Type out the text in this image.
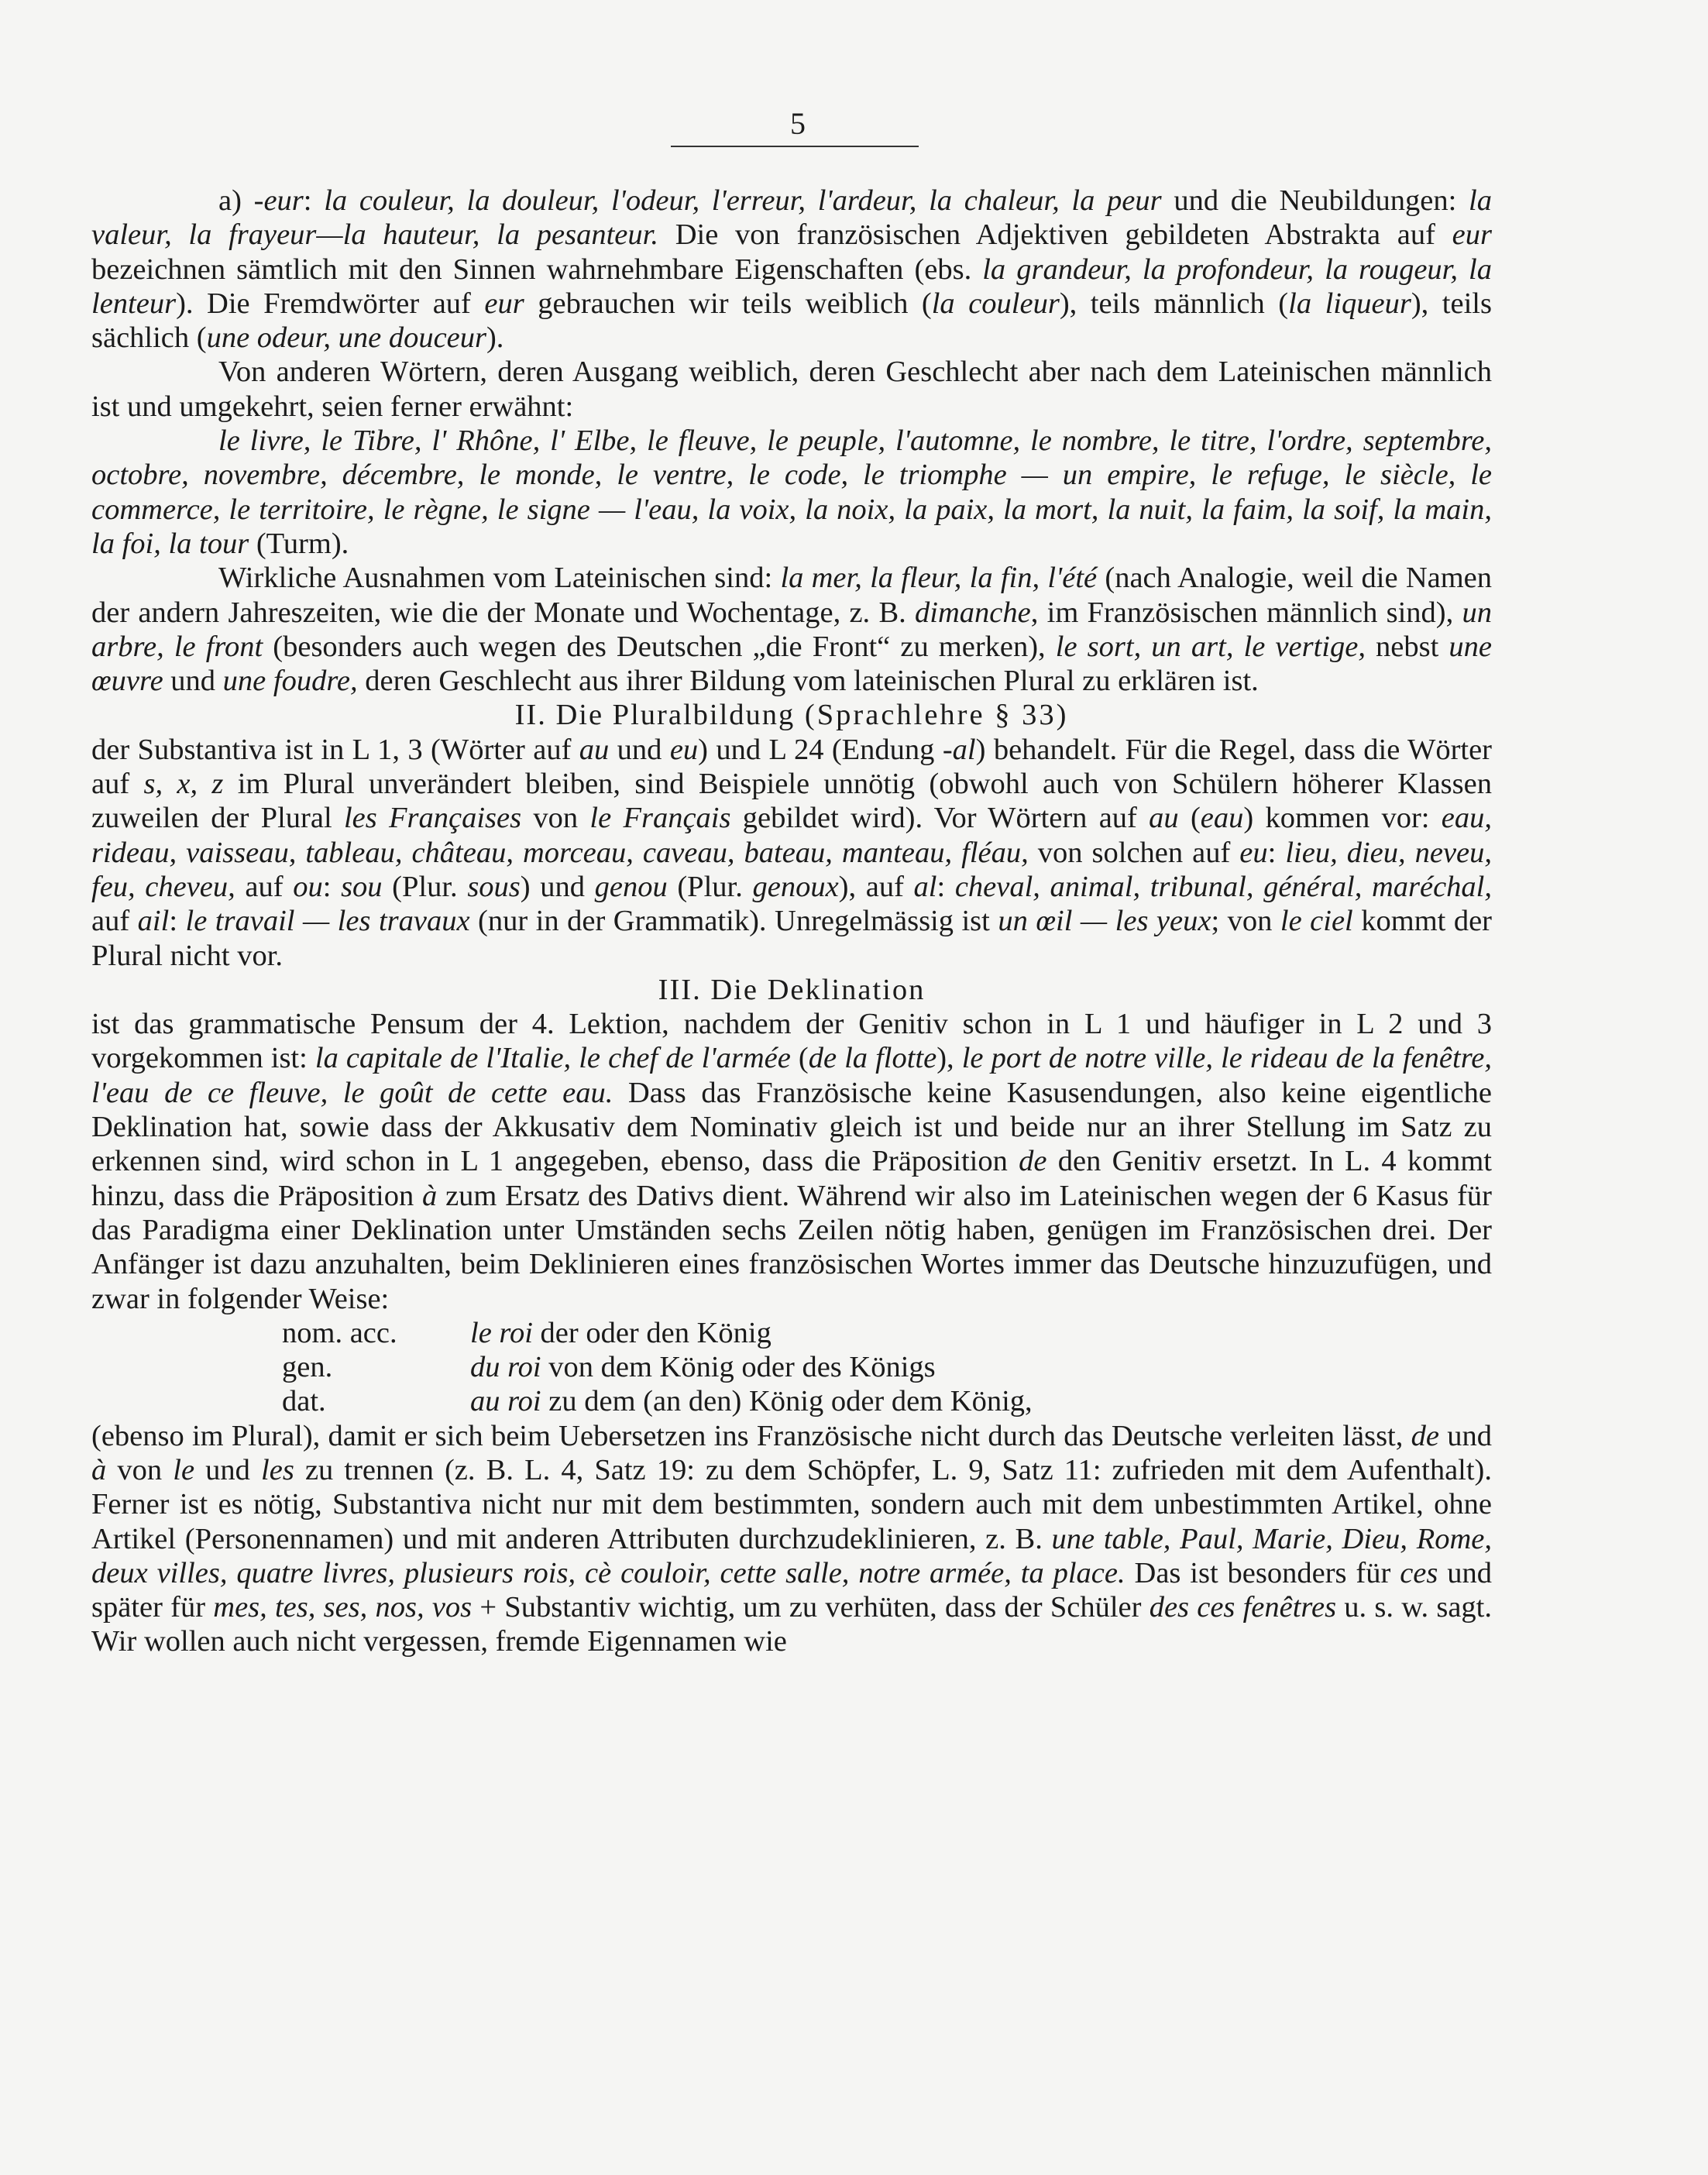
5

a) -eur: la couleur, la douleur, l'odeur, l'erreur, l'ardeur, la chaleur, la peur und die Neubildungen: la valeur, la frayeur—la hauteur, la pesanteur. Die von französischen Adjektiven gebildeten Abstrakta auf eur bezeichnen sämtlich mit den Sinnen wahrnehmbare Eigenschaften (ebs. la grandeur, la profondeur, la rougeur, la lenteur). Die Fremdwörter auf eur gebrauchen wir teils weiblich (la couleur), teils männlich (la liqueur), teils sächlich (une odeur, une douceur).

Von anderen Wörtern, deren Ausgang weiblich, deren Geschlecht aber nach dem Lateinischen männlich ist und umgekehrt, seien ferner erwähnt:

le livre, le Tibre, l' Rhône, l' Elbe, le fleuve, le peuple, l'automne, le nombre, le titre, l'ordre, septembre, octobre, novembre, décembre, le monde, le ventre, le code, le triomphe — un empire, le refuge, le siècle, le commerce, le territoire, le règne, le signe — l'eau, la voix, la noix, la paix, la mort, la nuit, la faim, la soif, la main, la foi, la tour (Turm).

Wirkliche Ausnahmen vom Lateinischen sind: la mer, la fleur, la fin, l'été (nach Analogie, weil die Namen der andern Jahreszeiten, wie die der Monate und Wochentage, z. B. dimanche, im Französischen männlich sind), un arbre, le front (besonders auch wegen des Deutschen „die Front“ zu merken), le sort, un art, le vertige, nebst une œuvre und une foudre, deren Geschlecht aus ihrer Bildung vom lateinischen Plural zu erklären ist.

II. Die Pluralbildung (Sprachlehre § 33)

der Substantiva ist in L 1, 3 (Wörter auf au und eu) und L 24 (Endung -al) behandelt. Für die Regel, dass die Wörter auf s, x, z im Plural unverändert bleiben, sind Beispiele unnötig (obwohl auch von Schülern höherer Klassen zuweilen der Plural les Françaises von le Français gebildet wird). Vor Wörtern auf au (eau) kommen vor: eau, rideau, vaisseau, tableau, château, morceau, caveau, bateau, manteau, fléau, von solchen auf eu: lieu, dieu, neveu, feu, cheveu, auf ou: sou (Plur. sous) und genou (Plur. genoux), auf al: cheval, animal, tribunal, général, maréchal, auf ail: le travail — les travaux (nur in der Grammatik). Unregelmässig ist un œil — les yeux; von le ciel kommt der Plural nicht vor.

III. Die Deklination

ist das grammatische Pensum der 4. Lektion, nachdem der Genitiv schon in L 1 und häufiger in L 2 und 3 vorgekommen ist: la capitale de l'Italie, le chef de l'armée (de la flotte), le port de notre ville, le rideau de la fenêtre, l'eau de ce fleuve, le goût de cette eau. Dass das Französische keine Kasusendungen, also keine eigentliche Deklination hat, sowie dass der Akkusativ dem Nominativ gleich ist und beide nur an ihrer Stellung im Satz zu erkennen sind, wird schon in L 1 angegeben, ebenso, dass die Präposition de den Genitiv ersetzt. In L. 4 kommt hinzu, dass die Präposition à zum Ersatz des Dativs dient. Während wir also im Lateinischen wegen der 6 Kasus für das Paradigma einer Deklination unter Umständen sechs Zeilen nötig haben, genügen im Französischen drei. Der Anfänger ist dazu anzuhalten, beim Deklinieren eines französischen Wortes immer das Deutsche hinzuzufügen, und zwar in folgender Weise:

nom. acc. le roi der oder den König
gen.	du roi von dem König oder des Königs
dat.	au roi zu dem (an den) König oder dem König,

(ebenso im Plural), damit er sich beim Uebersetzen ins Französische nicht durch das Deutsche verleiten lässt, de und à von le und les zu trennen (z. B. L. 4, Satz 19: zu dem Schöpfer, L. 9, Satz 11: zufrieden mit dem Aufenthalt). Ferner ist es nötig, Substantiva nicht nur mit dem bestimmten, sondern auch mit dem unbestimmten Artikel, ohne Artikel (Personennamen) und mit anderen Attributen durchzudeklinieren, z. B. une table, Paul, Marie, Dieu, Rome, deux villes, quatre livres, plusieurs rois, cè couloir, cette salle, notre armée, ta place. Das ist besonders für ces und später für mes, tes, ses, nos, vos + Substantiv wichtig, um zu verhüten, dass der Schüler des ces fenêtres u. s. w. sagt. Wir wollen auch nicht vergessen, fremde Eigennamen wie
